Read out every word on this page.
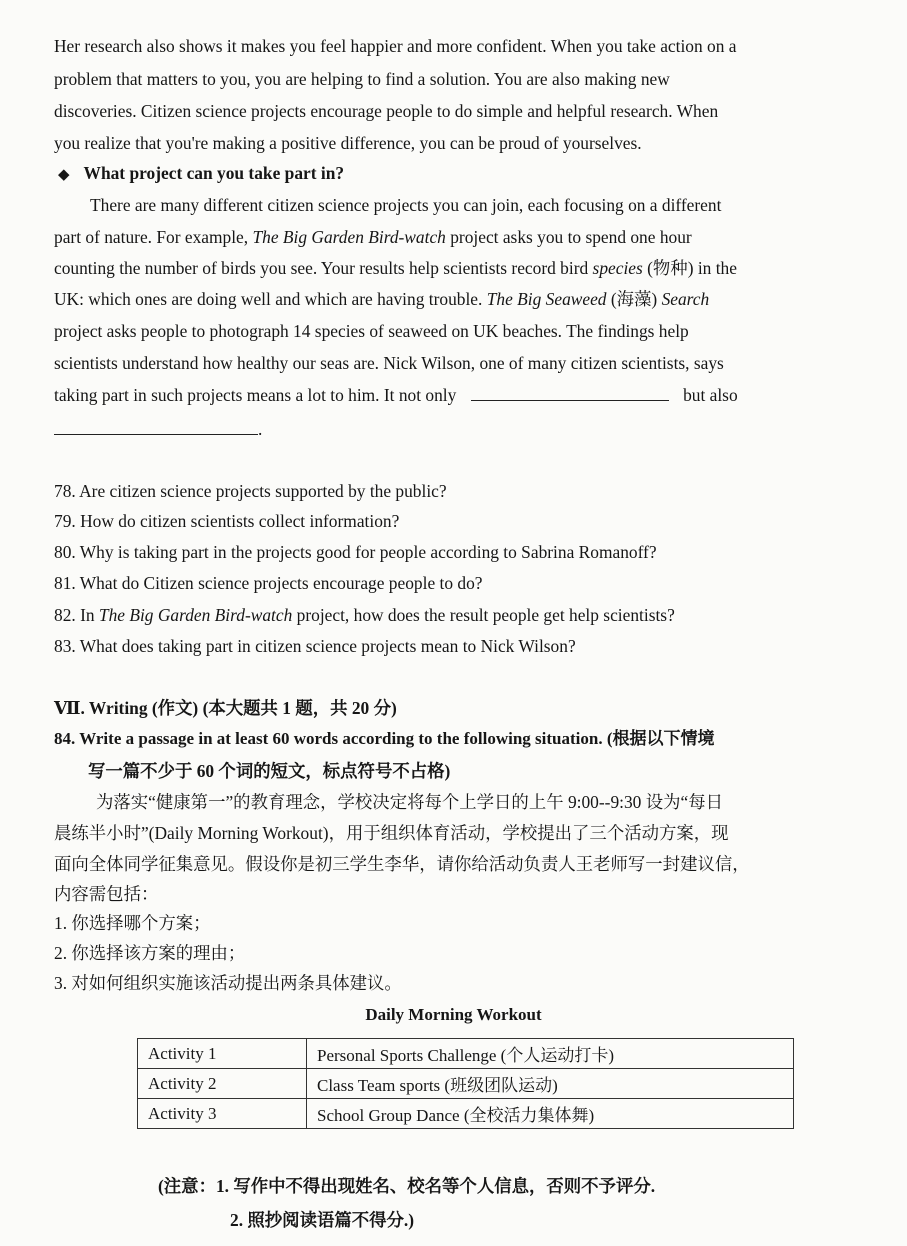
Her research also shows it makes you feel happier and more confident. When you take action on a
problem that matters to you, you are helping to find a solution. You are also making new
discoveries. Citizen science projects encourage people to do simple and helpful research. When
you realize that you're making a positive difference, you can be proud of yourselves.
◆ What project can you take part in?
There are many different citizen science projects you can join, each focusing on a different
part of nature. For example, The Big Garden Bird-watch project asks you to spend one hour
counting the number of birds you see. Your results help scientists record bird species (物种) in the
UK: which ones are doing well and which are having trouble. The Big Seaweed (海藻) Search
project asks people to photograph 14 species of seaweed on UK beaches. The findings help
scientists understand how healthy our seas are. Nick Wilson, one of many citizen scientists, says
taking part in such projects means a lot to him. It not only	but also
.
78. Are citizen science projects supported by the public?
79. How do citizen scientists collect information?
80. Why is taking part in the projects good for people according to Sabrina Romanoff?
81. What do Citizen science projects encourage people to do?
82. In The Big Garden Bird-watch project, how does the result people get help scientists?
83. What does taking part in citizen science projects mean to Nick Wilson?
Ⅶ. Writing (作文) (本大题共 1 题，共 20 分)
84. Write a passage in at least 60 words according to the following situation. (根据以下情境
写一篇不少于 60 个词的短文，标点符号不占格)
为落实“健康第一”的教育理念，学校决定将每个上学日的上午 9:00--9:30 设为“每日
晨练半小时”(Daily Morning Workout)，用于组织体育活动，学校提出了三个活动方案，现
面向全体同学征集意见。假设你是初三学生李华，请你给活动负责人王老师写一封建议信，
内容需包括：
1. 你选择哪个方案；
2. 你选择该方案的理由；
3. 对如何组织实施该活动提出两条具体建议。
Daily Morning Workout
Activity 1	Personal Sports Challenge (个人运动打卡)
Activity 2	Class Team sports (班级团队运动)
Activity 3	School Group Dance (全校活力集体舞)
(注意：1. 写作中不得出现姓名、校名等个人信息，否则不予评分.
2. 照抄阅读语篇不得分.)
